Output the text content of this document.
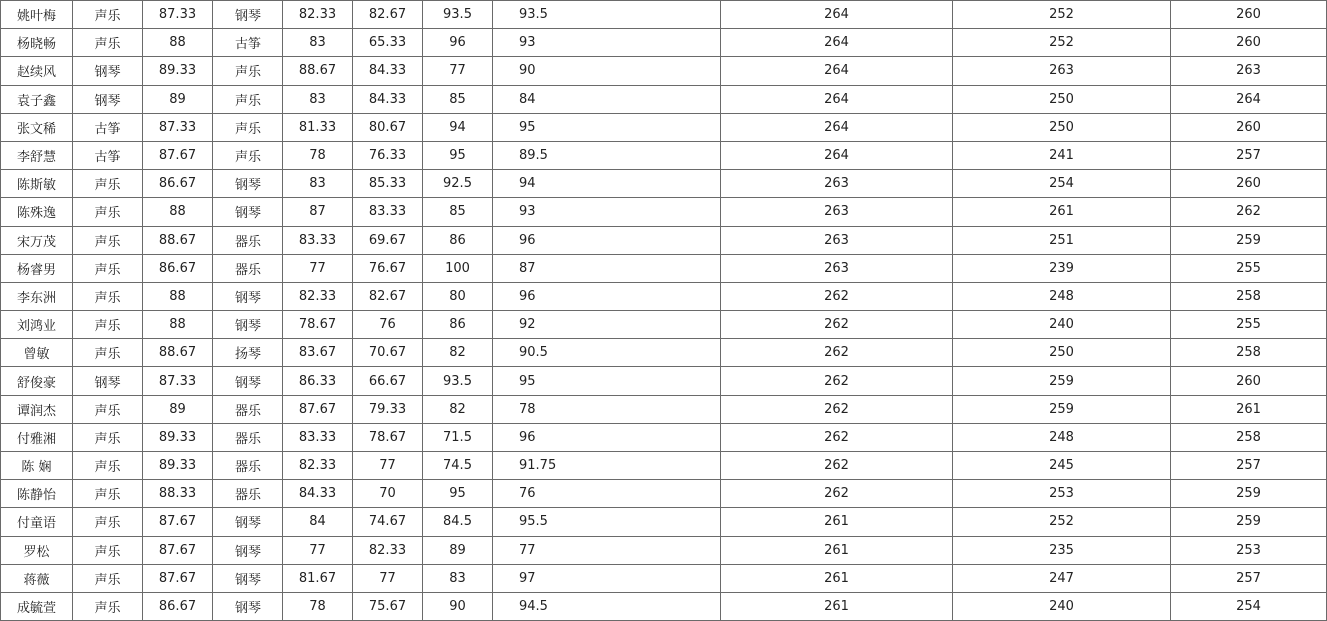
姚叶梅	声乐	87.33	钢琴	82.33	82.67	93.5	93.5	264	252	260
杨晓畅	声乐	88	古筝	83	65.33	96	93	264	252	260
赵续风	钢琴	89.33	声乐	88.67	84.33	77	90	264	263	263
袁子鑫	钢琴	89	声乐	83	84.33	85	84	264	250	264
张文稀	古筝	87.33	声乐	81.33	80.67	94	95	264	250	260
李舒慧	古筝	87.67	声乐	78	76.33	95	89.5	264	241	257
陈斯敏	声乐	86.67	钢琴	83	85.33	92.5	94	263	254	260
陈殊逸	声乐	88	钢琴	87	83.33	85	93	263	261	262
宋万茂	声乐	88.67	器乐	83.33	69.67	86	96	263	251	259
杨睿男	声乐	86.67	器乐	77	76.67	100	87	263	239	255
李东洲	声乐	88	钢琴	82.33	82.67	80	96	262	248	258
刘鸿业	声乐	88	钢琴	78.67	76	86	92	262	240	255
曾敏	声乐	88.67	扬琴	83.67	70.67	82	90.5	262	250	258
舒俊豪	钢琴	87.33	钢琴	86.33	66.67	93.5	95	262	259	260
谭润杰	声乐	89	器乐	87.67	79.33	82	78	262	259	261
付雅湘	声乐	89.33	器乐	83.33	78.67	71.5	96	262	248	258
陈 娴	声乐	89.33	器乐	82.33	77	74.5	91.75	262	245	257
陈静怡	声乐	88.33	器乐	84.33	70	95	76	262	253	259
付童语	声乐	87.67	钢琴	84	74.67	84.5	95.5	261	252	259
罗松	声乐	87.67	钢琴	77	82.33	89	77	261	235	253
蒋薇	声乐	87.67	钢琴	81.67	77	83	97	261	247	257
成毓萱	声乐	86.67	钢琴	78	75.67	90	94.5	261	240	254
